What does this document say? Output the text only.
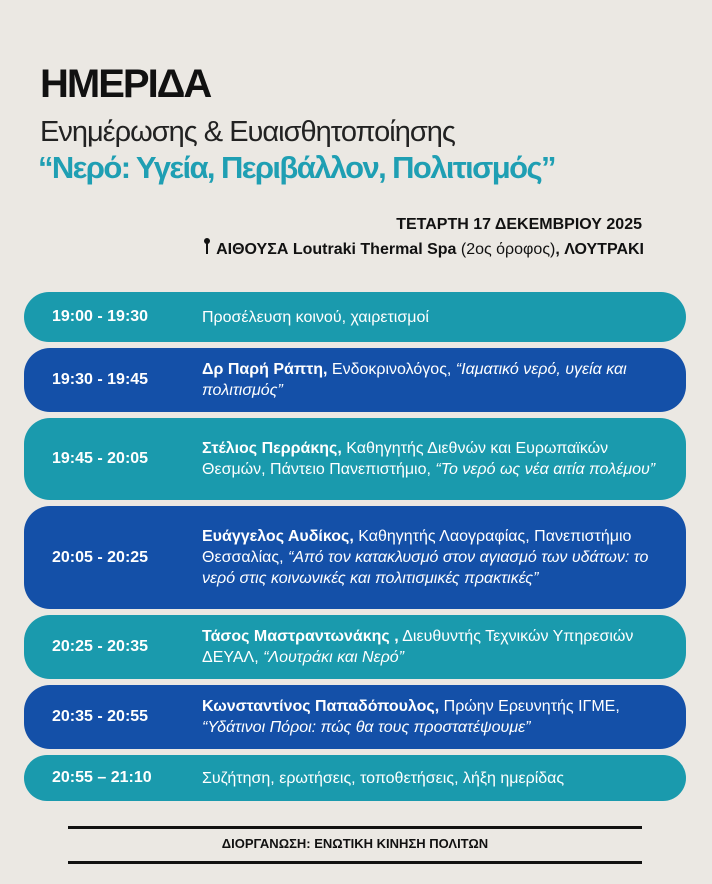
ΗΜΕΡΙΔΑ
Ενημέρωσης & Ευαισθητοποίησης
“Νερό: Υγεία, Περιβάλλον, Πολιτισμός”
ΤΕΤΑΡΤΗ 17 ΔΕΚΕΜΒΡΙΟΥ 2025
ΑΙΘΟΥΣΑ Loutraki Thermal Spa (2ος όροφος), ΛΟΥΤΡΑΚΙ
19:00 - 19:30	Προσέλευση κοινού, χαιρετισμοί
19:30 - 19:45
Δρ Παρή Ράπτη, Ενδοκρινολόγος, “Ιαματικό νερό, υγεία και πολιτισμός”
19:45 - 20:05
Στέλιος Περράκης, Καθηγητής Διεθνών και Ευρωπαϊκών Θεσμών, Πάντειο Πανεπιστήμιο, “Το νερό ως νέα αιτία πολέμου”
20:05 - 20:25
Ευάγγελος Αυδίκος, Καθηγητής Λαογραφίας, Πανεπιστήμιο Θεσσαλίας, “Από τον κατακλυσμό στον αγιασμό των υδάτων: το νερό στις κοινωνικές και πολιτισμικές πρακτικές”
20:25 - 20:35
Τάσος Μαστραντωνάκης , Διευθυντής Τεχνικών Υπηρεσιών ΔΕΥΑΛ, “Λουτράκι και Νερό”
20:35 - 20:55
Κωνσταντίνος Παπαδόπουλος, Πρώην Ερευνητής ΙΓΜΕ, “Υδάτινοι Πόροι: πώς θα τους προστατέψουμε”
20:55 – 21:10	Συζήτηση, ερωτήσεις, τοποθετήσεις, λήξη ημερίδας
ΔΙΟΡΓΑΝΩΣΗ: ΕΝΩΤΙΚΗ ΚΙΝΗΣΗ ΠΟΛΙΤΩΝ
